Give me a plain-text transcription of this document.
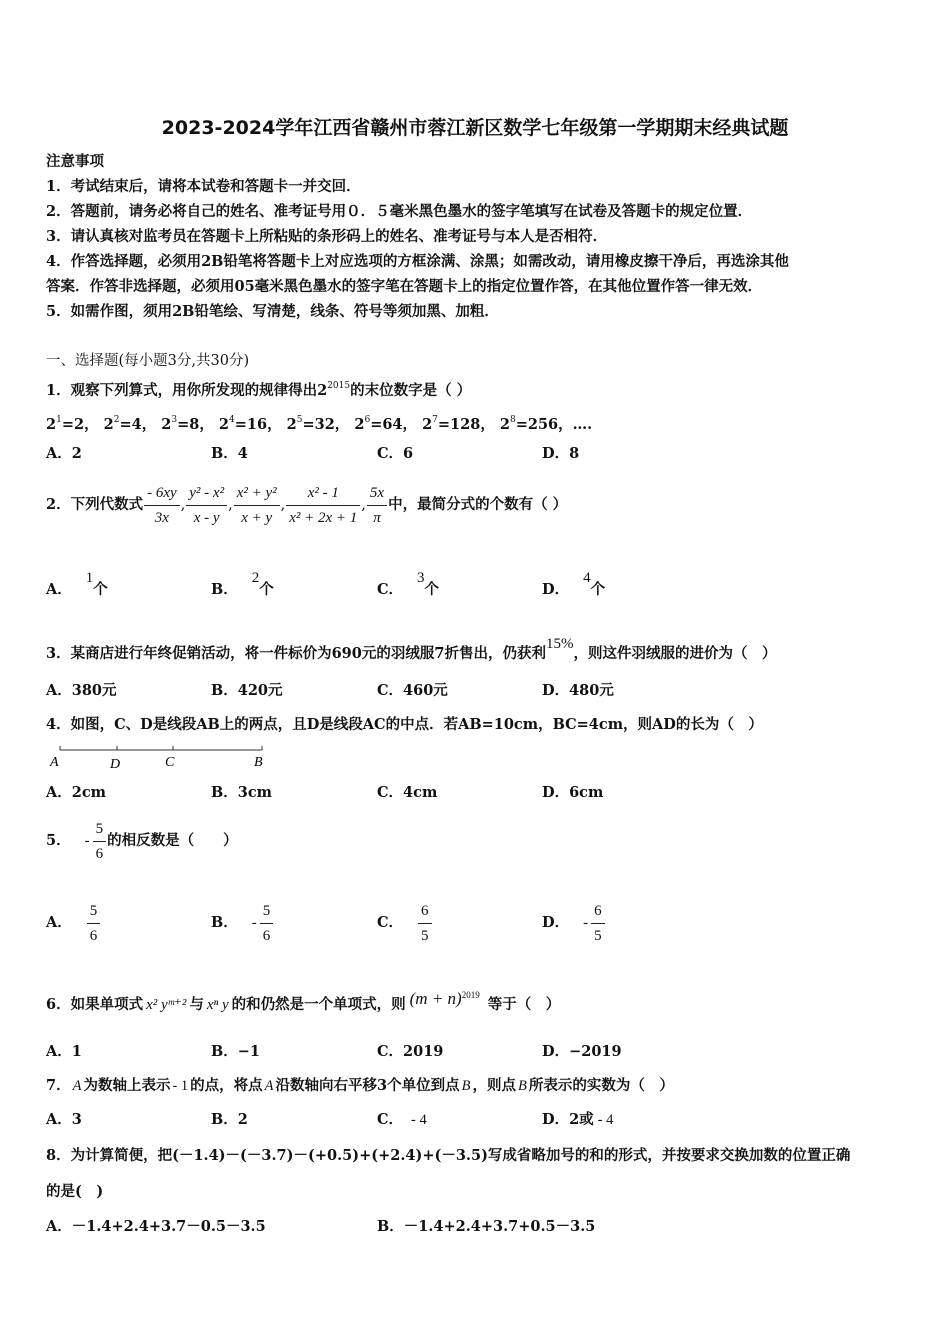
2023-2024学年江西省赣州市蓉江新区数学七年级第一学期期末经典试题
注意事项
1．考试结束后，请将本试卷和答题卡一并交回．
2．答题前，请务必将自己的姓名、准考证号用０．５毫米黑色墨水的签字笔填写在试卷及答题卡的规定位置．
3．请认真核对监考员在答题卡上所粘贴的条形码上的姓名、准考证号与本人是否相符．
4．作答选择题，必须用2B铅笔将答题卡上对应选项的方框涂满、涂黑；如需改动，请用橡皮擦干净后，再选涂其他
答案．作答非选择题，必须用05毫米黑色墨水的签字笔在答题卡上的指定位置作答，在其他位置作答一律无效．
5．如需作图，须用2B铅笔绘、写清楚，线条、符号等须加黑、加粗．
一、选择题(每小题3分,共30分)
1．观察下列算式，用你所发现的规律得出$2^{2015}$的末位数字是（ ）
$2^1=2$， $2^2=4$， $2^3=8$， $2^4=16$， $2^5=32$， $2^6=64$， $2^7=128$， $2^8=256$，….
A．2	B．4	C．6	D．8
2．下列代数式 $\frac{- 6xy}{3x}$ , $\frac{\text{y² - x²}}{x - y}$ , $\frac{\text{x² + y²}}{x + y}$ , $\frac{\text{x² - 1}}{\text{x² + 2x + 1}}$ , $\frac{5x}{\pi}$ 中，最简分式的个数有（ ）
A．1个	B．2个	C．3个	D．4个
3．某商店进行年终促销活动，将一件标价为690元的羽绒服7折售出，仍获利15%，则这件羽绒服的进价为（　）
A．380元	B．420元	C．460元	D．480元
4．如图，C、D是线段AB上的两点，且D是线段AC的中点．若AB=10cm，BC=4cm，则AD的长为（　）
A	D	C	B
A．2cm	B．3cm	C．4cm	D．6cm
5． - $\frac{5}{6}$ 的相反数是（　　）
A． $\frac{5}{6}$	B． - $\frac{5}{6}$	C． $\frac{6}{5}$	D． - $\frac{6}{5}$
6．如果单项式 x² yᵐ⁺² 与 xⁿ y 的和仍然是一个单项式，则 (m + n) 2019
等于（　）
A．1	B．−1	C．2019	D．−2019
7． A 为数轴上表示 - 1 的点，将点 A 沿数轴向右平移3个单位到点 B ，则点 B 所表示的实数为（　）
A．3	B．2	C． - 4	D．2或 - 4
8．为计算简便，把(－1.4)－(－3.7)－(+0.5)+(+2.4)+(－3.5)写成省略加号的和的形式，并按要求交换加数的位置正确
的是(　)
A．－1.4+2.4+3.7－0.5－3.5	B．－1.4+2.4+3.7+0.5－3.5
